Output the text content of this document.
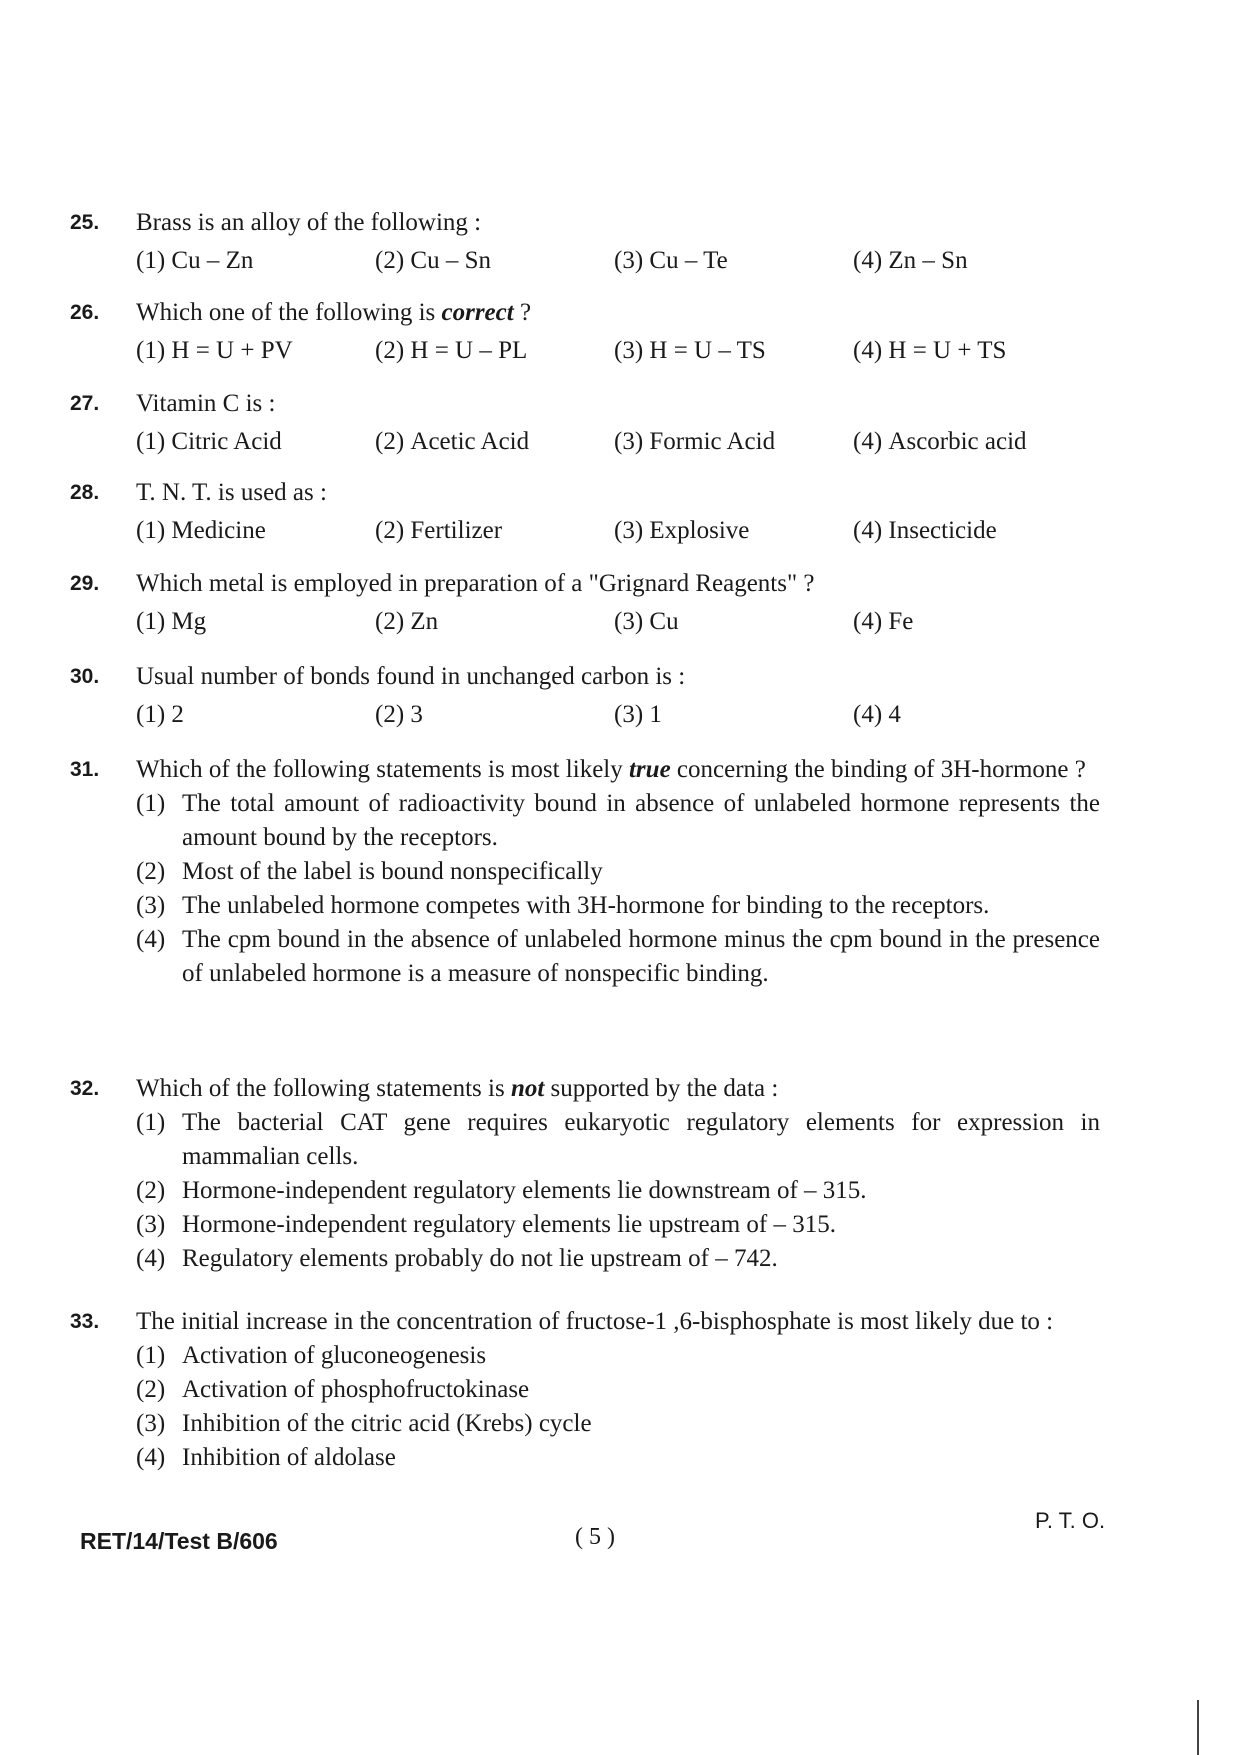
25. Brass is an alloy of the following :
(1) Cu – Zn	(2) Cu – Sn	(3) Cu – Te	(4) Zn – Sn
26. Which one of the following is correct ?
(1) H = U + PV	(2) H = U – PL	(3) H = U – TS	(4) H = U + TS
27. Vitamin C is :
(1) Citric Acid	(2) Acetic Acid	(3) Formic Acid	(4) Ascorbic acid
28. T. N. T. is used as :
(1) Medicine	(2) Fertilizer	(3) Explosive	(4) Insecticide
29. Which metal is employed in preparation of a "Grignard Reagents" ?
(1) Mg	(2) Zn	(3) Cu	(4) Fe
30. Usual number of bonds found in unchanged carbon is :
(1) 2	(2) 3	(3) 1	(4) 4
31. Which of the following statements is most likely true concerning the binding of 3H-hormone ?
(1) The total amount of radioactivity bound in absence of unlabeled hormone represents the amount bound by the receptors.
(2) Most of the label is bound nonspecifically
(3) The unlabeled hormone competes with 3H-hormone for binding to the receptors.
(4) The cpm bound in the absence of unlabeled hormone minus the cpm bound in the presence of unlabeled hormone is a measure of nonspecific binding.
32. Which of the following statements is not supported by the data :
(1) The bacterial CAT gene requires eukaryotic regulatory elements for expression in mammalian cells.
(2) Hormone-independent regulatory elements lie downstream of – 315.
(3) Hormone-independent regulatory elements lie upstream of – 315.
(4) Regulatory elements probably do not lie upstream of – 742.
33. The initial increase in the concentration of fructose-1 ,6-bisphosphate is most likely due to :
(1) Activation of gluconeogenesis
(2) Activation of phosphofructokinase
(3) Inhibition of the citric acid (Krebs) cycle
(4) Inhibition of aldolase
RET/14/Test B/606	( 5 )
P. T. O.
